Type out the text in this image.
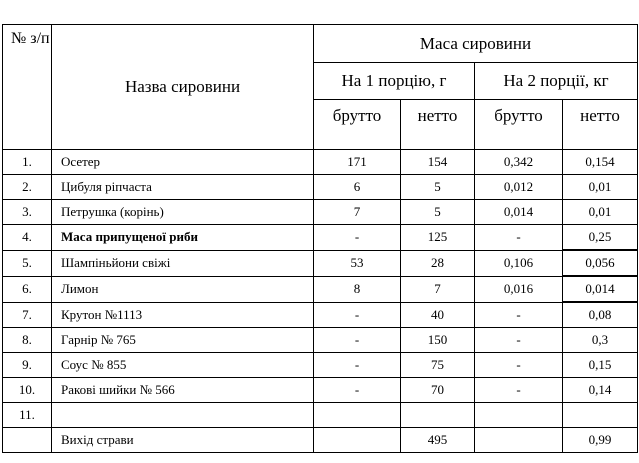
№ з/п	Назва сировини	Маса сировини			
		На 1 порцію, г		На 2 порції, кг	
		брутто	нетто	брутто	нетто
1.	Осетер	171	154	0,342	0,154
2.	Цибуля ріпчаста	6	5	0,012	0,01
3.	Петрушка (корінь)	7	5	0,014	0,01
4.	Маса припущеної риби	-	125	-	0,25
5.	Шампіньйони свіжі	53	28	0,106	0,056
6.	Лимон	8	7	0,016	0,014
7.	Крутон №1113	-	40	-	0,08
8.	Гарнір № 765	-	150	-	0,3
9.	Соус № 855	-	75	-	0,15
10.	Ракові шийки № 566	-	70	-	0,14
11.					
	Вихід страви		495		0,99
